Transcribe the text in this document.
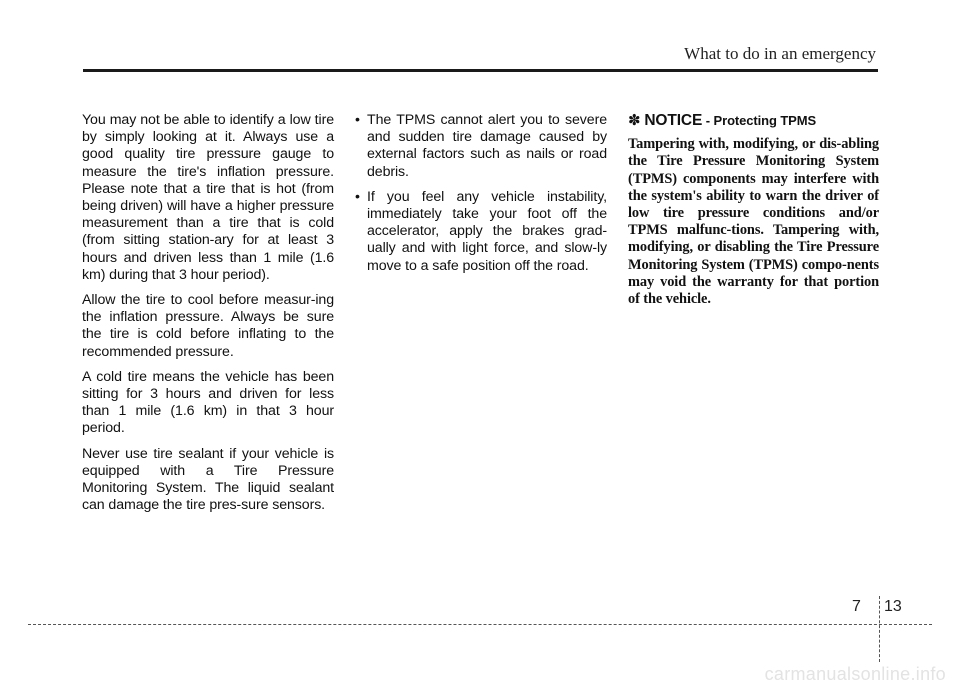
What to do in an emergency

You may not be able to identify a low tire by simply looking at it. Always use a good quality tire pressure gauge to measure the tire's inflation pressure. Please note that a tire that is hot (from being driven) will have a higher pressure measurement than a tire that is cold (from sitting station-ary for at least 3 hours and driven less than 1 mile (1.6 km) during that 3 hour period).

Allow the tire to cool before measur-ing the inflation pressure. Always be sure the tire is cold before inflating to the recommended pressure.

A cold tire means the vehicle has been sitting for 3 hours and driven for less than 1 mile (1.6 km) in that 3 hour period.

Never use tire sealant if your vehicle is equipped with a Tire Pressure Monitoring System. The liquid sealant can damage the tire pres-sure sensors.

• The TPMS cannot alert you to severe and sudden tire damage caused by external factors such as nails or road debris.
• If you feel any vehicle instability, immediately take your foot off the accelerator, apply the brakes grad-ually and with light force, and slow-ly move to a safe position off the road.
✽ NOTICE - Protecting TPMS

Tampering with, modifying, or dis-abling the Tire Pressure Monitoring System (TPMS) components may interfere with the system's ability to warn the driver of low tire pressure conditions and/or TPMS malfunc-tions. Tampering with, modifying, or disabling the Tire Pressure Monitoring System (TPMS) compo-nents may void the warranty for that portion of the vehicle.

7 13
carmanualsonline.info
